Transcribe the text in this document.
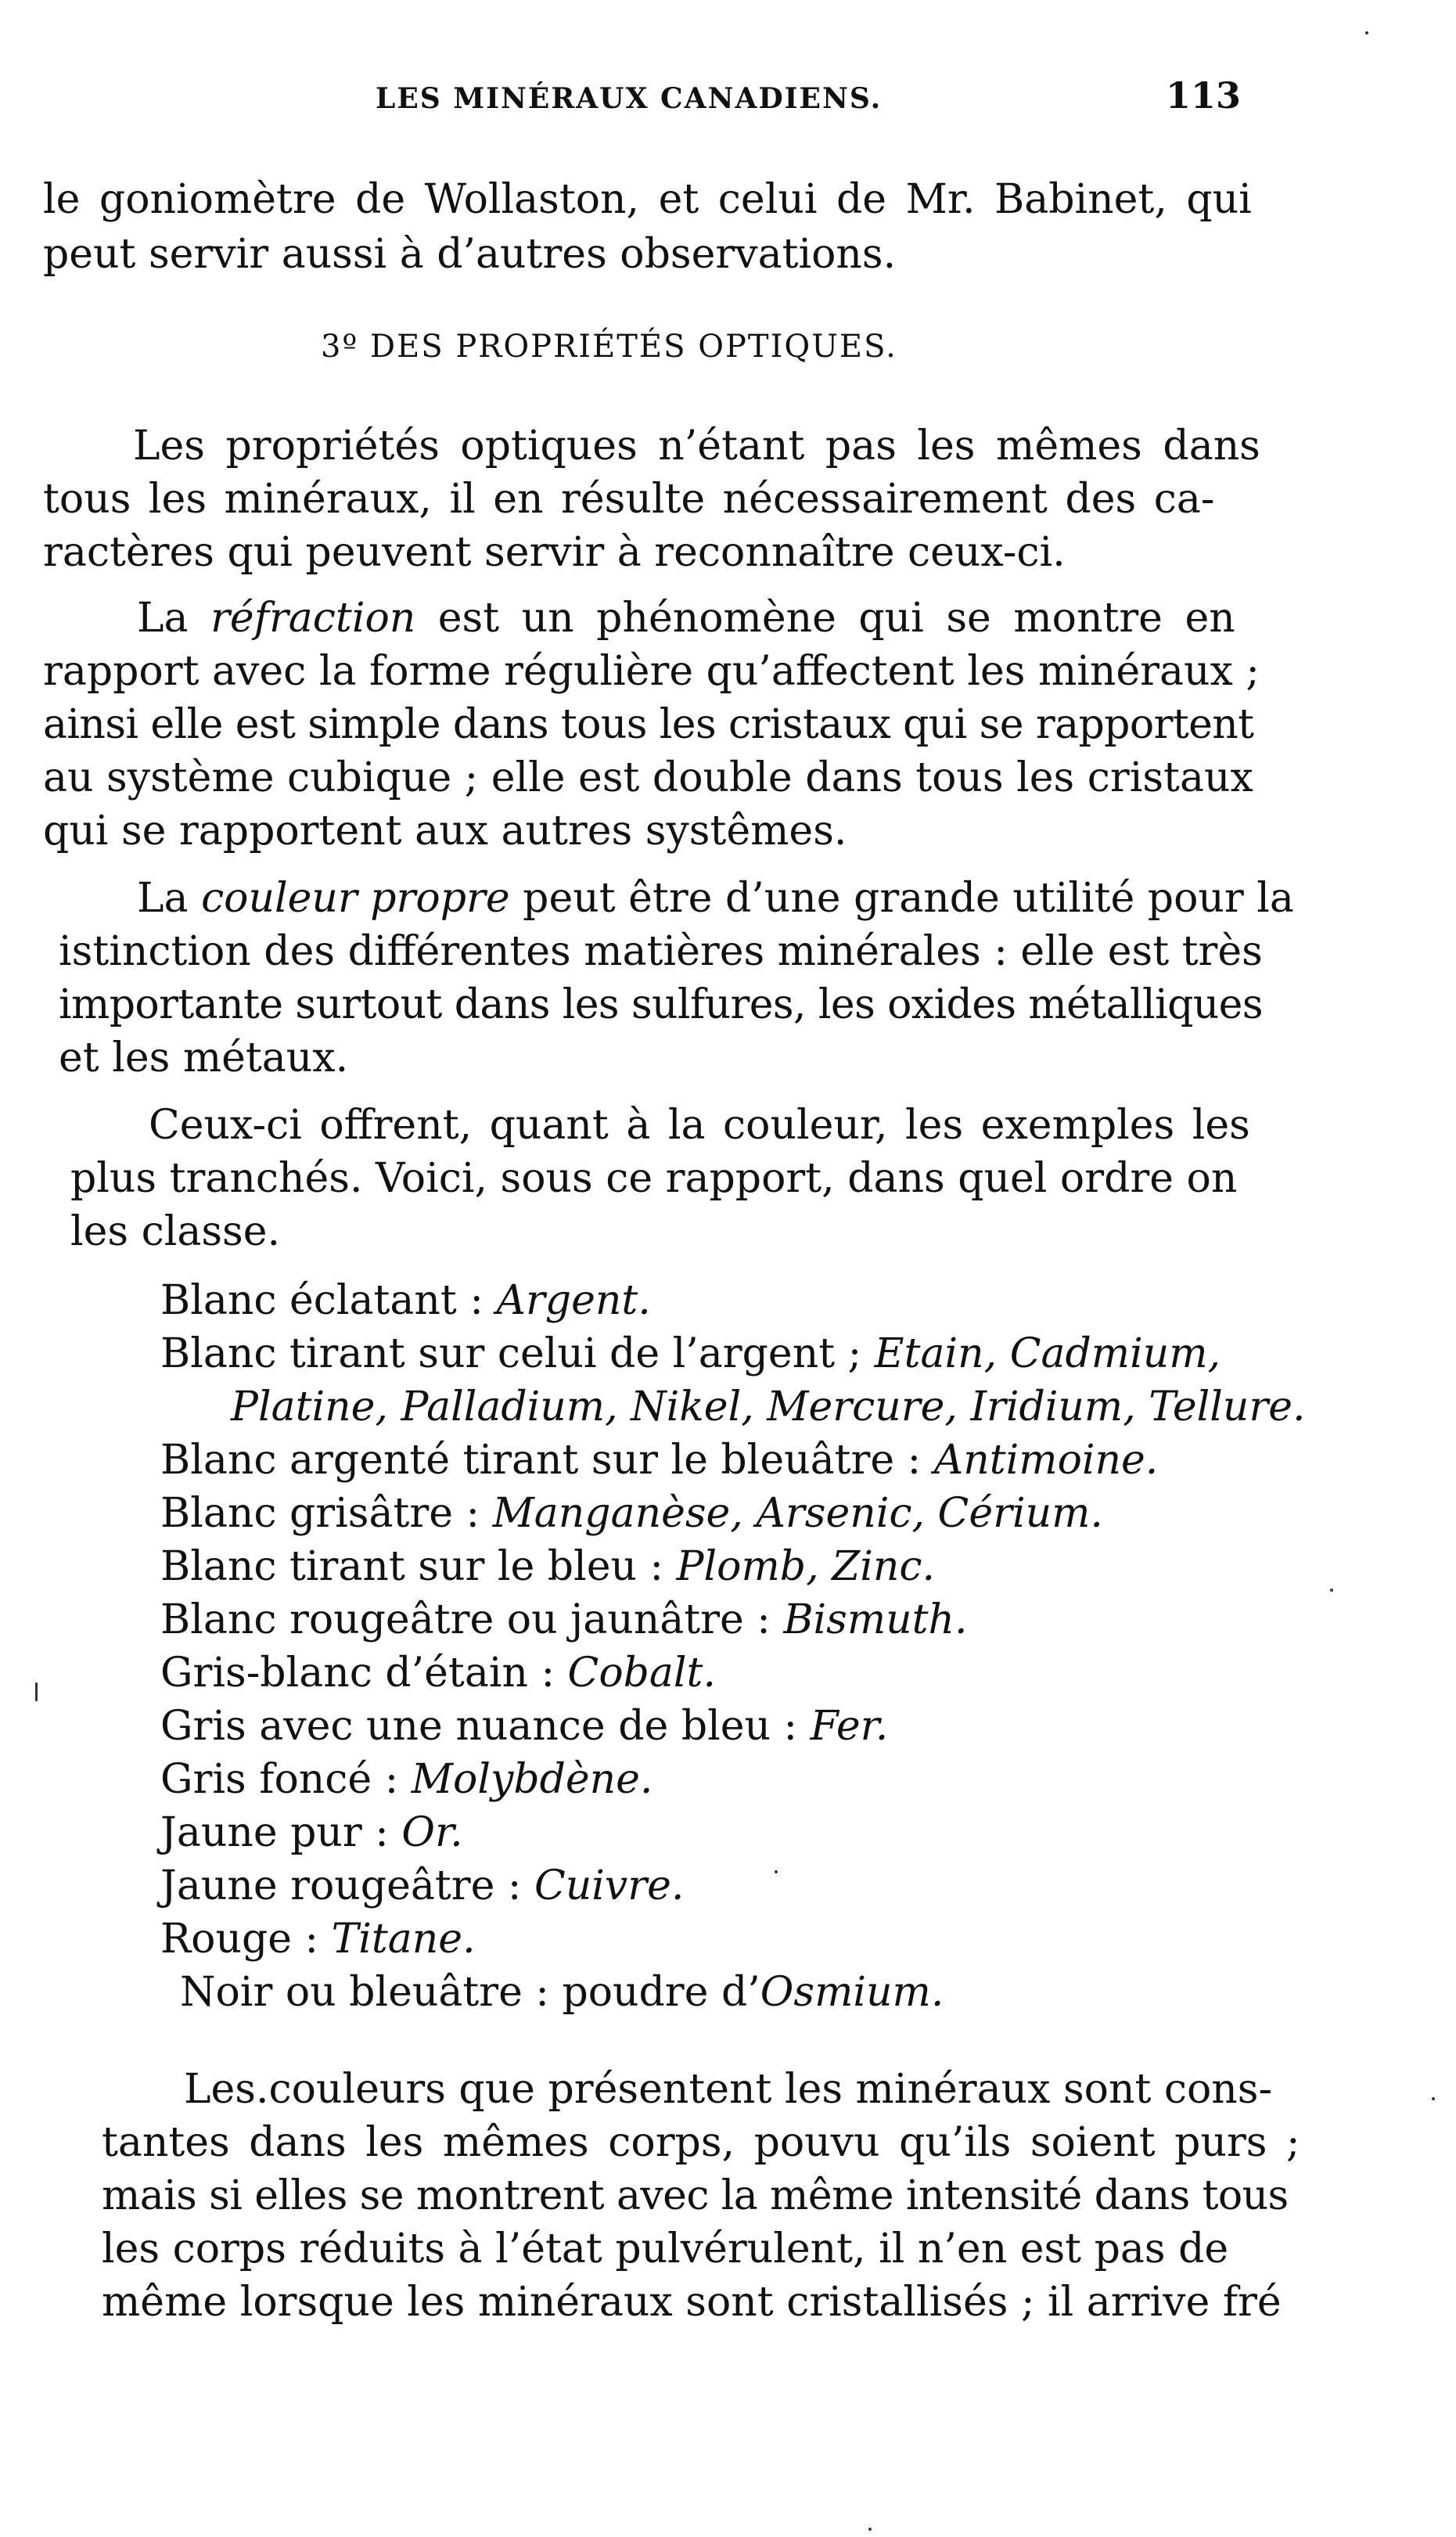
LES MINÉRAUX CANADIENS.	113
le goniomètre de Wollaston, et celui de Mr. Babinet, qui
peut servir aussi à d’autres observations.
3º DES PROPRIÉTÉS OPTIQUES.
Les propriétés optiques n’étant pas les mêmes dans
tous les minéraux, il en résulte nécessairement des ca-
ractères qui peuvent servir à reconnaître ceux-ci.
La réfraction est un phénomène qui se montre en
rapport avec la forme régulière qu’affectent les minéraux ;
ainsi elle est simple dans tous les cristaux qui se rapportent
au système cubique ; elle est double dans tous les cristaux
qui se rapportent aux autres systêmes.
La couleur propre peut être d’une grande utilité pour la
istinction des différentes matières minérales : elle est très
importante surtout dans les sulfures, les oxides métalliques
et les métaux.
Ceux-ci offrent, quant à la couleur, les exemples les
plus tranchés. Voici, sous ce rapport, dans quel ordre on
les classe.
Blanc éclatant : Argent.
Blanc tirant sur celui de l’argent ; Etain, Cadmium,
Platine, Palladium, Nikel, Mercure, Iridium, Tellure.
Blanc argenté tirant sur le bleuâtre : Antimoine.
Blanc grisâtre : Manganèse, Arsenic, Cérium.
Blanc tirant sur le bleu : Plomb, Zinc.
Blanc rougeâtre ou jaunâtre : Bismuth.
Gris-blanc d’étain : Cobalt.
Gris avec une nuance de bleu : Fer.
Gris foncé : Molybdène.
Jaune pur : Or.
Jaune rougeâtre : Cuivre.
Rouge : Titane.
Noir ou bleuâtre : poudre d’Osmium.
Les.couleurs que présentent les minéraux sont cons-
tantes dans les mêmes corps, pouvu qu’ils soient purs ;
mais si elles se montrent avec la même intensité dans tous
les corps réduits à l’état pulvérulent, il n’en est pas de
même lorsque les minéraux sont cristallisés ; il arrive fré
